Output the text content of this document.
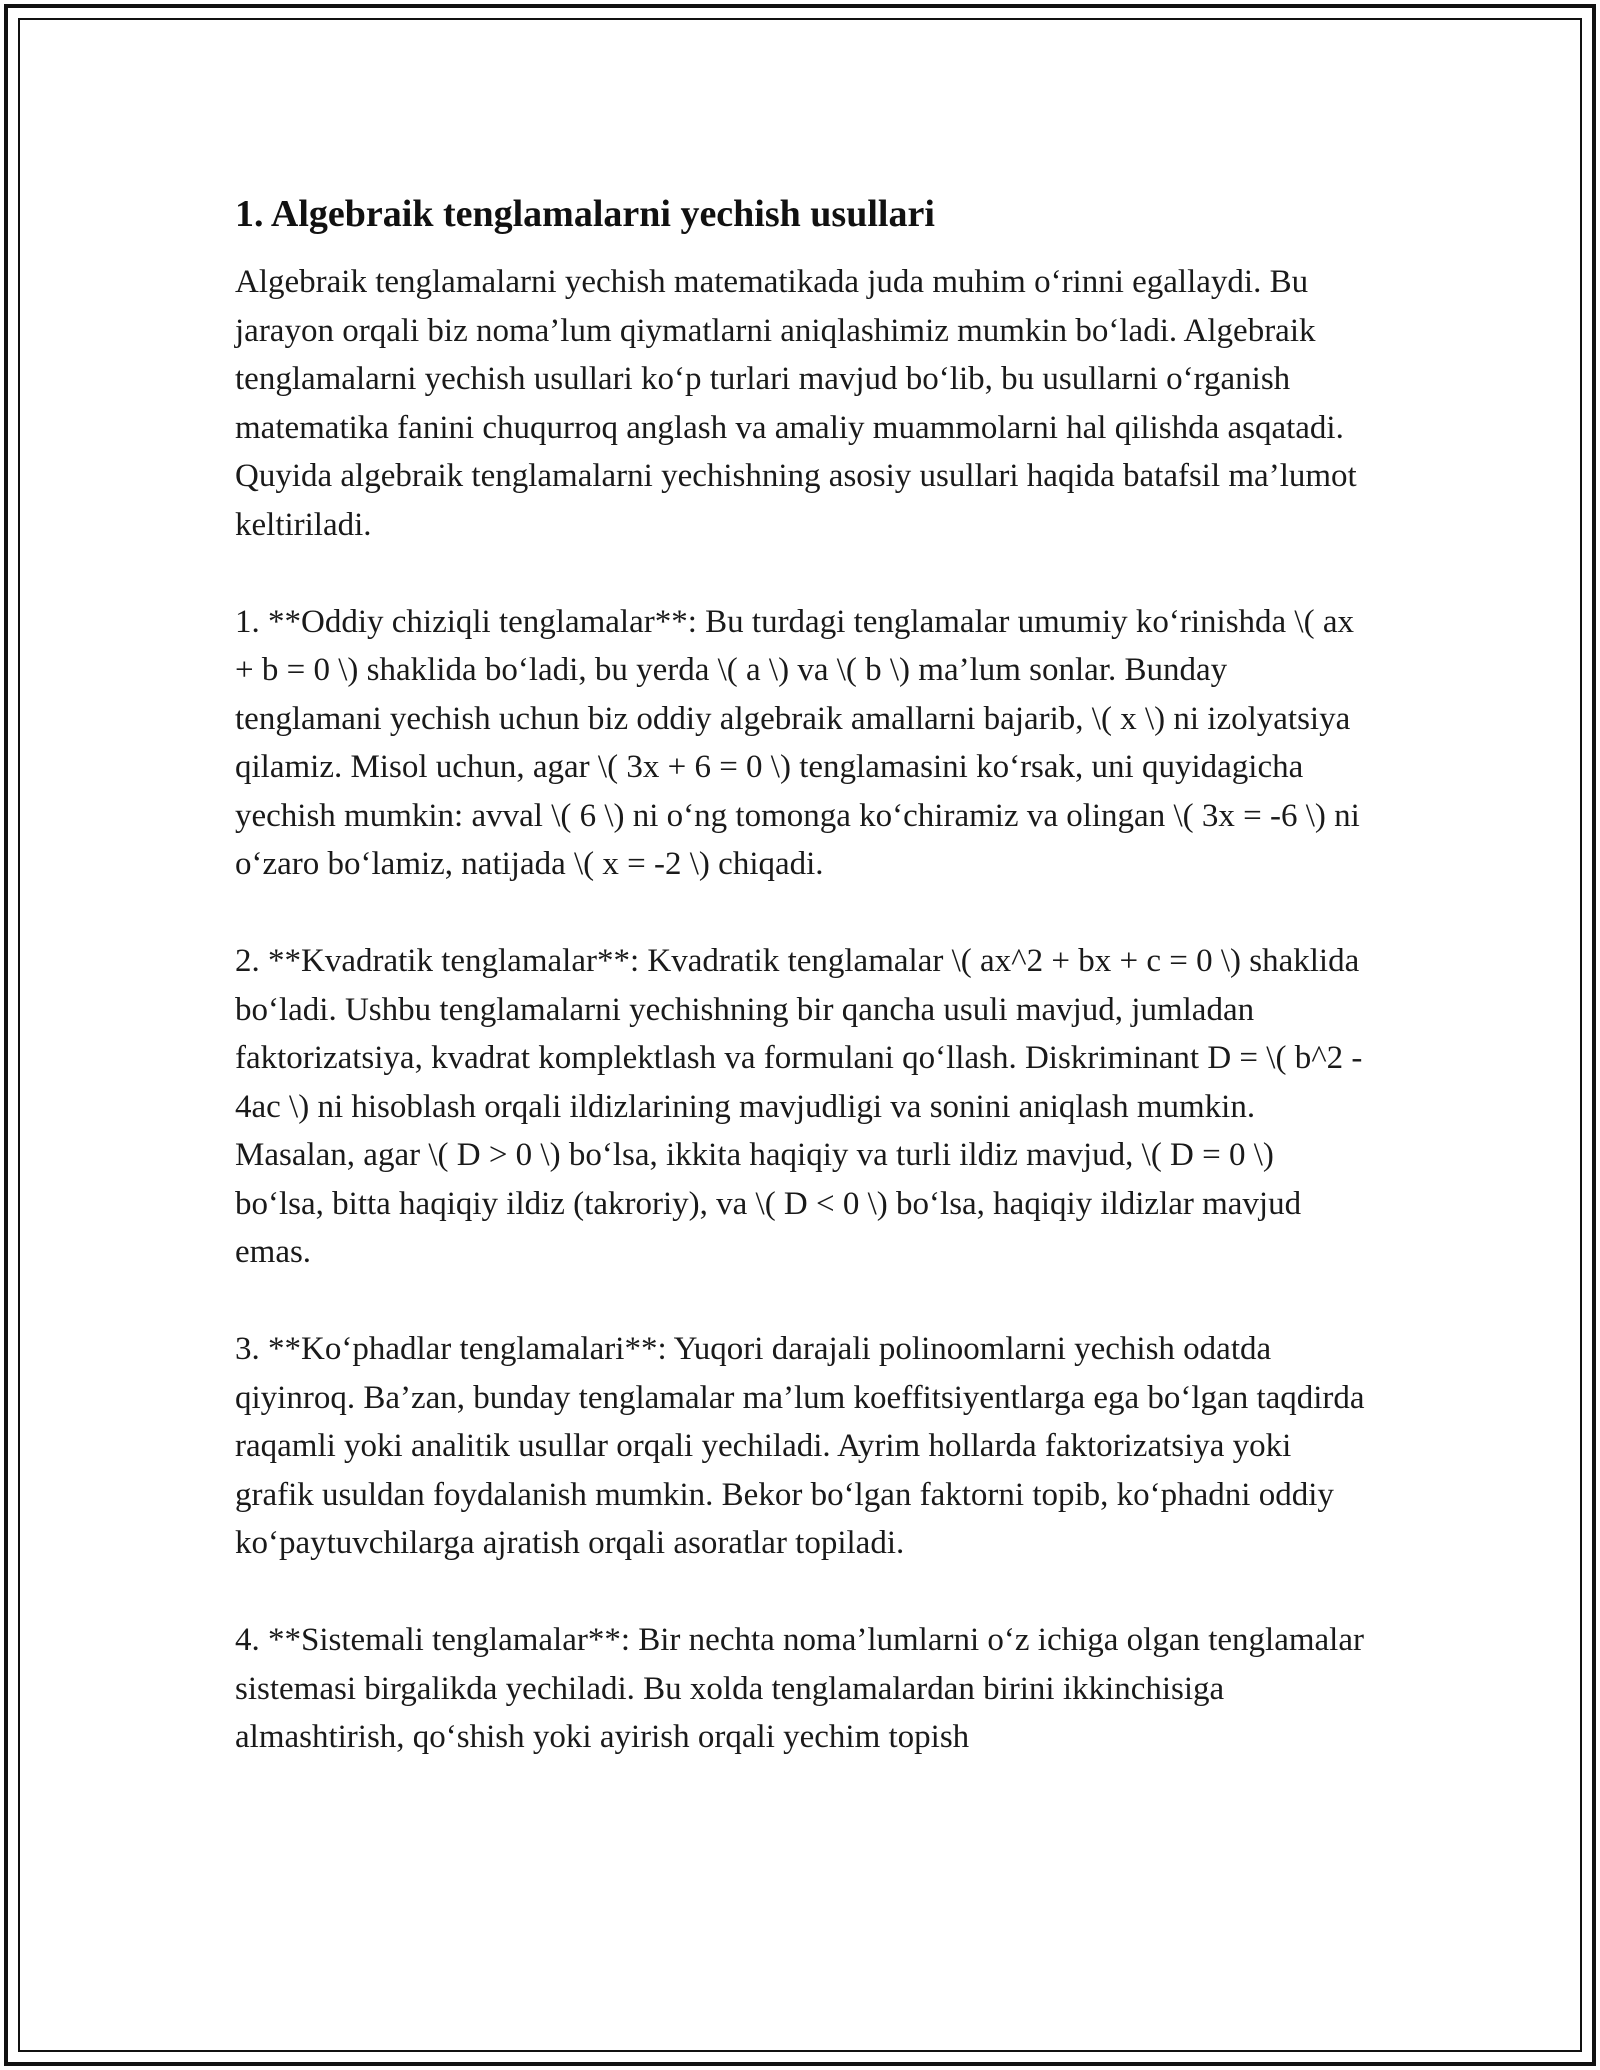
1. Algebraik tenglamalarni yechish usullari

Algebraik tenglamalarni yechish matematikada juda muhim o‘rinni egallaydi. Bu jarayon orqali biz noma’lum qiymatlarni aniqlashimiz mumkin bo‘ladi. Algebraik tenglamalarni yechish usullari ko‘p turlari mavjud bo‘lib, bu usullarni o‘rganish matematika fanini chuqurroq anglash va amaliy muammolarni hal qilishda asqatadi. Quyida algebraik tenglamalarni yechishning asosiy usullari haqida batafsil ma’lumot keltiriladi.

1. **Oddiy chiziqli tenglamalar**: Bu turdagi tenglamalar umumiy ko‘rinishda \( ax + b = 0 \) shaklida bo‘ladi, bu yerda \( a \) va \( b \) ma’lum sonlar. Bunday tenglamani yechish uchun biz oddiy algebraik amallarni bajarib, \( x \) ni izolyatsiya qilamiz. Misol uchun, agar \( 3x + 6 = 0 \) tenglamasini ko‘rsak, uni quyidagicha yechish mumkin: avval \( 6 \) ni o‘ng tomonga ko‘chiramiz va olingan \( 3x = -6 \) ni o‘zaro bo‘lamiz, natijada \( x = -2 \) chiqadi.

2. **Kvadratik tenglamalar**: Kvadratik tenglamalar \( ax^2 + bx + c = 0 \) shaklida bo‘ladi. Ushbu tenglamalarni yechishning bir qancha usuli mavjud, jumladan faktorizatsiya, kvadrat komplektlash va formulani qo‘llash. Diskriminant D = \( b^2 - 4ac \) ni hisoblash orqali ildizlarining mavjudligi va sonini aniqlash mumkin. Masalan, agar \( D > 0 \) bo‘lsa, ikkita haqiqiy va turli ildiz mavjud, \( D = 0 \) bo‘lsa, bitta haqiqiy ildiz (takroriy), va \( D < 0 \) bo‘lsa, haqiqiy ildizlar mavjud emas.

3. **Ko‘phadlar tenglamalari**: Yuqori darajali polinoomlarni yechish odatda qiyinroq. Ba’zan, bunday tenglamalar ma’lum koeffitsiyentlarga ega bo‘lgan taqdirda raqamli yoki analitik usullar orqali yechiladi. Ayrim hollarda faktorizatsiya yoki grafik usuldan foydalanish mumkin. Bekor bo‘lgan faktorni topib, ko‘phadni oddiy ko‘paytuvchilarga ajratish orqali asoratlar topiladi.

4. **Sistemali tenglamalar**: Bir nechta noma’lumlarni o‘z ichiga olgan tenglamalar sistemasi birgalikda yechiladi. Bu xolda tenglamalardan birini ikkinchisiga almashtirish, qo‘shish yoki ayirish orqali yechim topish
